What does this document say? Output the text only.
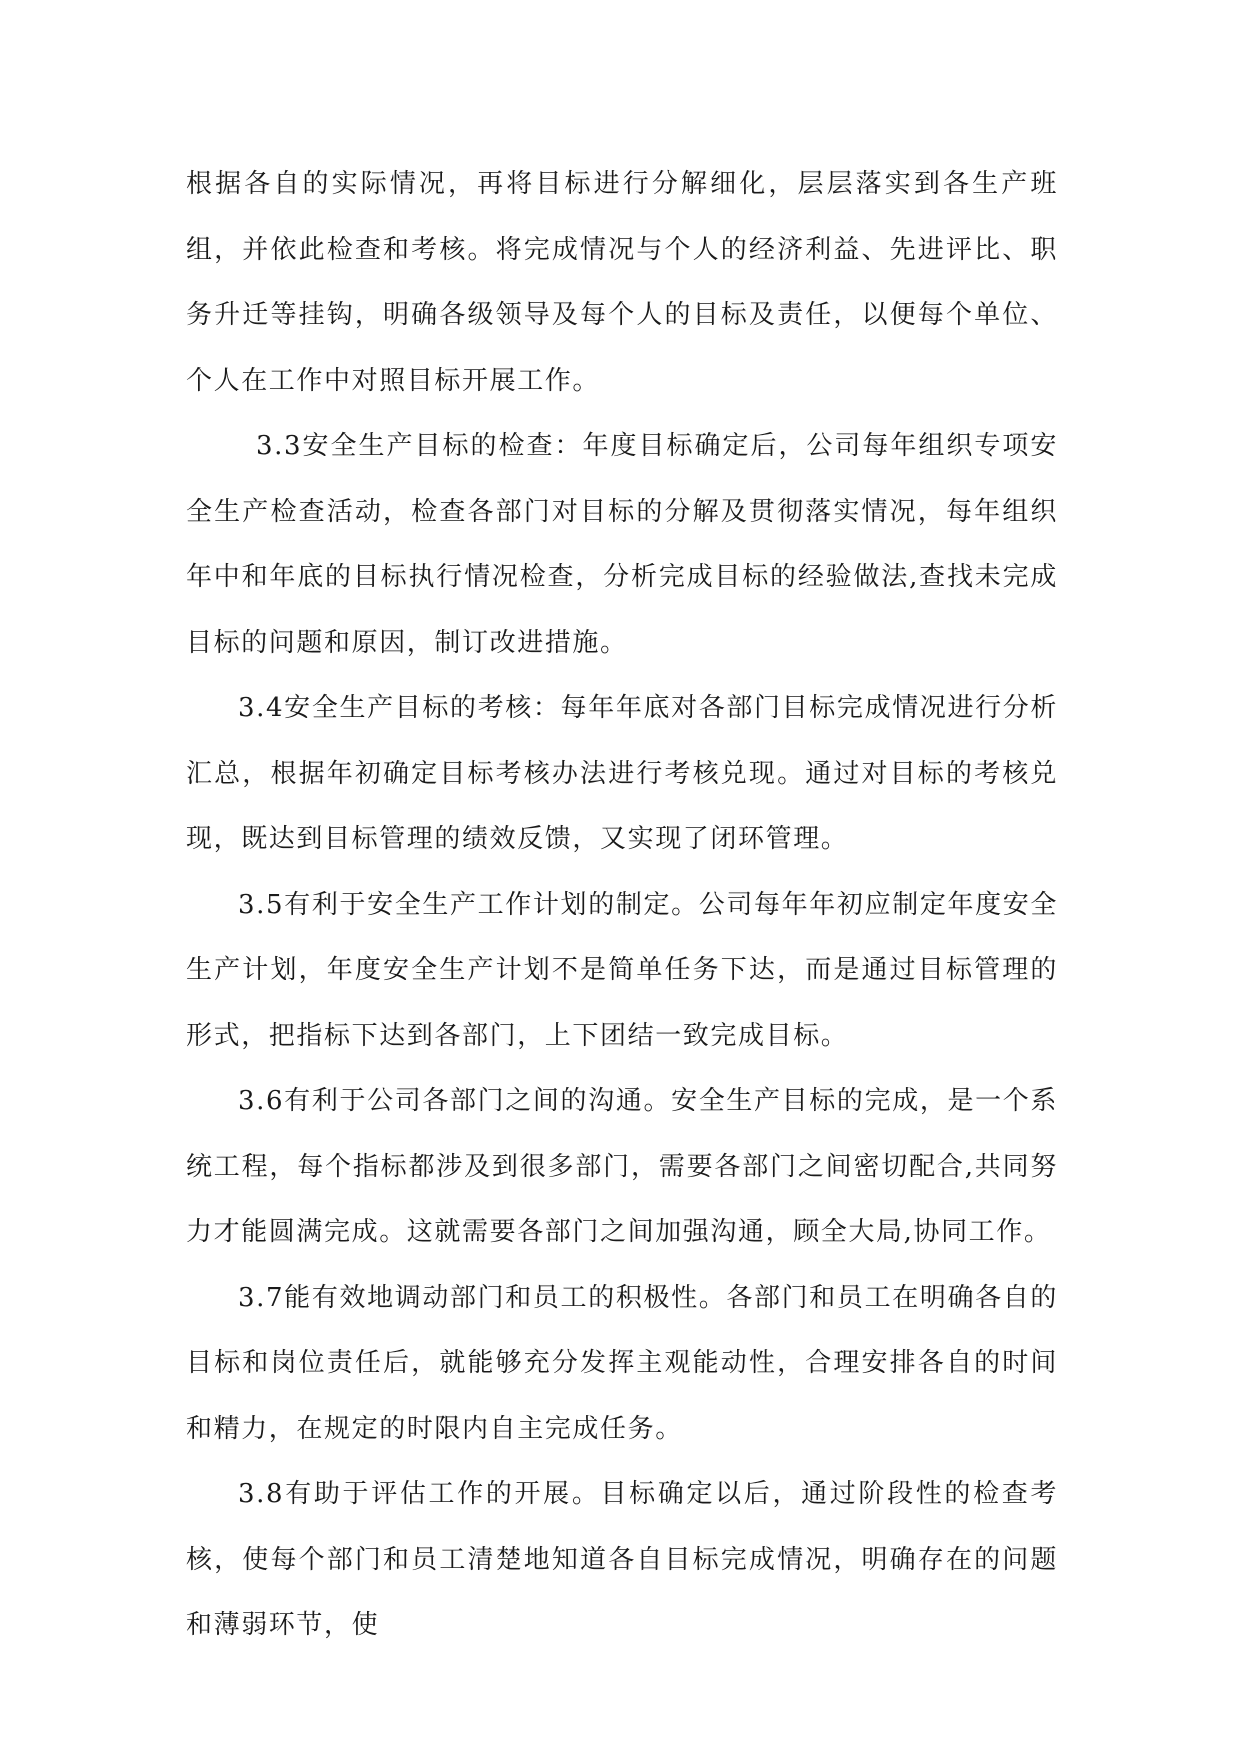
根据各自的实际情况，再将目标进行分解细化，层层落实到各生产班组，并依此检查和考核。将完成情况与个人的经济利益、先进评比、职务升迁等挂钩，明确各级领导及每个人的目标及责任，以便每个单位、个人在工作中对照目标开展工作。

3.3安全生产目标的检查：年度目标确定后，公司每年组织专项安全生产检查活动，检查各部门对目标的分解及贯彻落实情况，每年组织年中和年底的目标执行情况检查，分析完成目标的经验做法,查找未完成目标的问题和原因，制订改进措施。

3.4安全生产目标的考核：每年年底对各部门目标完成情况进行分析汇总，根据年初确定目标考核办法进行考核兑现。通过对目标的考核兑现，既达到目标管理的绩效反馈，又实现了闭环管理。

3.5有利于安全生产工作计划的制定。公司每年年初应制定年度安全生产计划，年度安全生产计划不是简单任务下达，而是通过目标管理的形式，把指标下达到各部门，上下团结一致完成目标。

3.6有利于公司各部门之间的沟通。安全生产目标的完成，是一个系统工程，每个指标都涉及到很多部门，需要各部门之间密切配合,共同努力才能圆满完成。这就需要各部门之间加强沟通，顾全大局,协同工作。

3.7能有效地调动部门和员工的积极性。各部门和员工在明确各自的目标和岗位责任后，就能够充分发挥主观能动性，合理安排各自的时间和精力，在规定的时限内自主完成任务。

3.8有助于评估工作的开展。目标确定以后，通过阶段性的检查考核，使每个部门和员工清楚地知道各自目标完成情况，明确存在的问题和薄弱环节，使
